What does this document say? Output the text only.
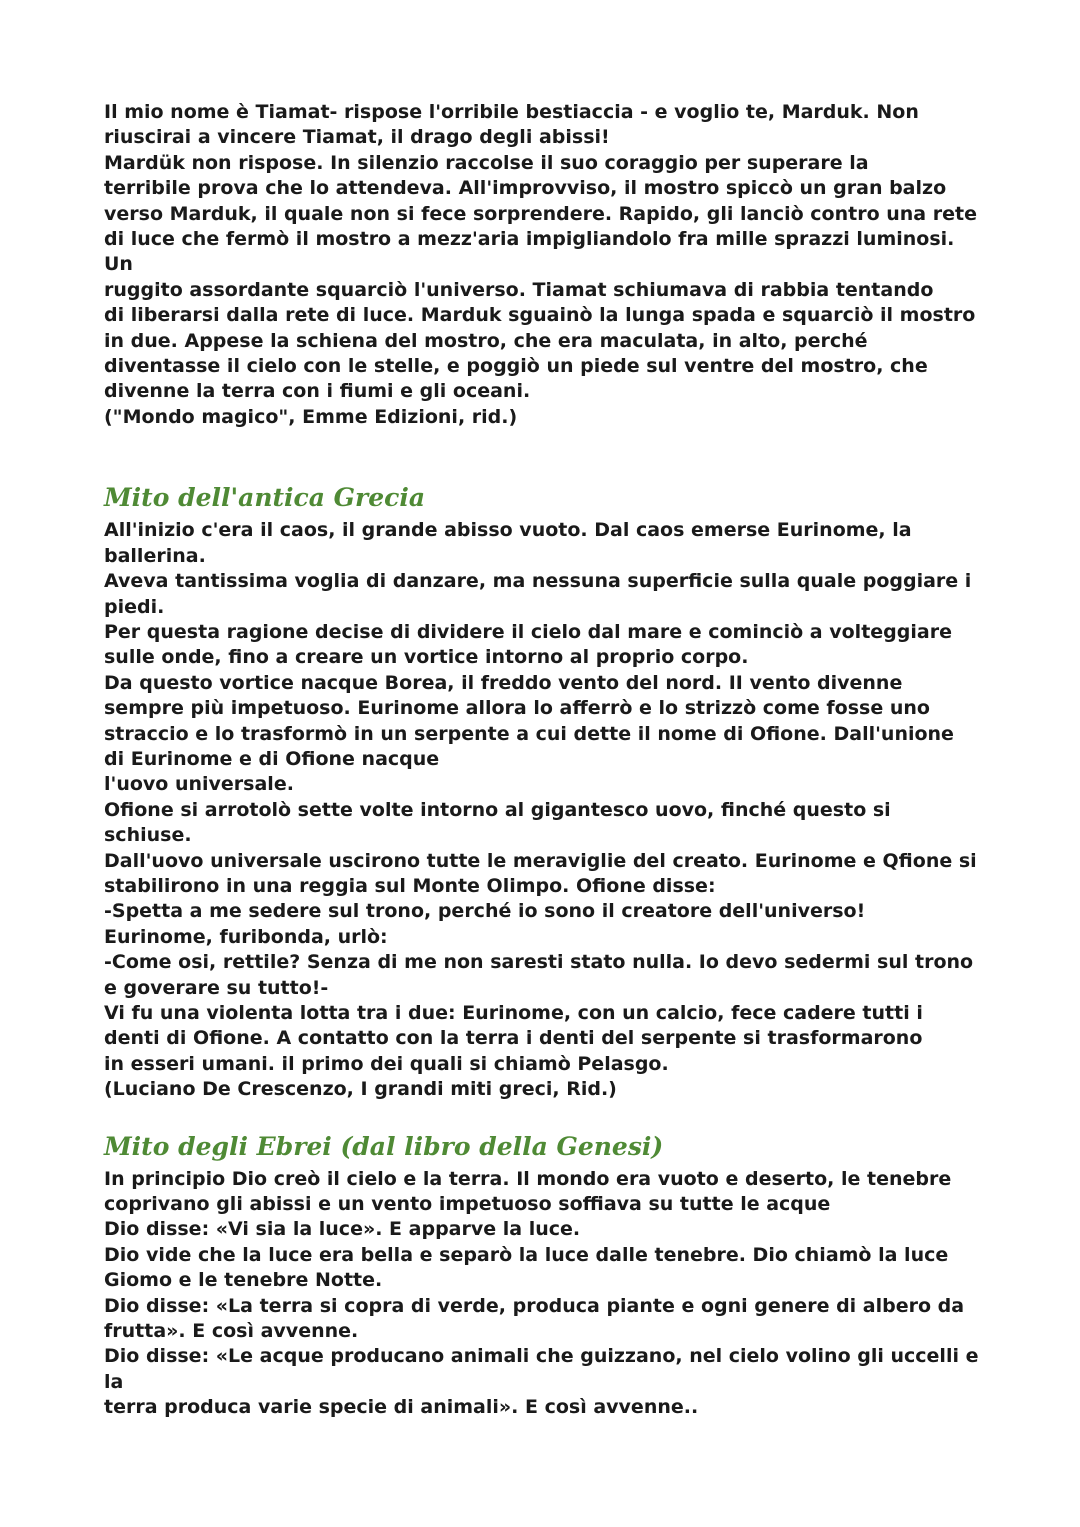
Il mio nome è Tiamat- rispose l'orribile bestiaccia - e voglio te, Marduk. Non
riuscirai a vincere Tiamat, il drago degli abissi!

Mardük non rispose. In silenzio raccolse il suo coraggio per superare la
terribile prova che lo attendeva. All'improvviso, il mostro spiccò un gran balzo
verso Marduk, il quale non si fece sorprendere. Rapido, gli lanciò contro una rete
di luce che fermò il mostro a mezz'aria impigliandolo fra mille sprazzi luminosi. Un
ruggito assordante squarciò l'universo. Tiamat schiumava di rabbia tentando
di liberarsi dalla rete di luce. Marduk sguainò la lunga spada e squarciò il mostro
in due. Appese la schiena del mostro, che era maculata, in alto, perché
diventasse il cielo con le stelle, e poggiò un piede sul ventre del mostro, che
divenne la terra con i fiumi e gli oceani.

("Mondo magico", Emme Edizioni, rid.)

Mito dell'antica Grecia

All'inizio c'era il caos, il grande abisso vuoto. Dal caos emerse Eurinome, la
ballerina.

Aveva tantissima voglia di danzare, ma nessuna superficie sulla quale poggiare i
piedi.

Per questa ragione decise di dividere il cielo dal mare e cominciò a volteggiare
sulle onde, fino a creare un vortice intorno al proprio corpo.

Da questo vortice nacque Borea, il freddo vento del nord. II vento divenne
sempre più impetuoso. Eurinome allora lo afferrò e lo strizzò come fosse uno
straccio e lo trasformò in un serpente a cui dette il nome di Ofione. Dall'unione
di Eurinome e di Ofione nacque
l'uovo universale.

Ofione si arrotolò sette volte intorno al gigantesco uovo, finché questo si
schiuse.

Dall'uovo universale uscirono tutte le meraviglie del creato. Eurinome e Qfione si
stabilirono in una reggia sul Monte Olimpo. Ofione disse:

-Spetta a me sedere sul trono, perché io sono il creatore dell'universo!

Eurinome, furibonda, urlò:

-Come osi, rettile? Senza di me non saresti stato nulla. Io devo sedermi sul trono
e goverare su tutto!-

Vi fu una violenta lotta tra i due: Eurinome, con un calcio, fece cadere tutti i
denti di Ofione. A contatto con la terra i denti del serpente si trasformarono
in esseri umani. il primo dei quali si chiamò Pelasgo.

(Luciano De Crescenzo, I grandi miti greci, Rid.)

Mito degli Ebrei (dal libro della Genesi)

In principio Dio creò il cielo e la terra. Il mondo era vuoto e deserto, le tenebre
coprivano gli abissi e un vento impetuoso soffiava su tutte le acque

Dio disse: «Vi sia la luce». E apparve la luce.

Dio vide che la luce era bella e separò la luce dalle tenebre. Dio chiamò la luce
Giomo e le tenebre Notte.

Dio disse: «La terra si copra di verde, produca piante e ogni genere di albero da
frutta». E così avvenne.

Dio disse: «Le acque producano animali che guizzano, nel cielo volino gli uccelli e la
terra produca varie specie di animali». E così avvenne..
